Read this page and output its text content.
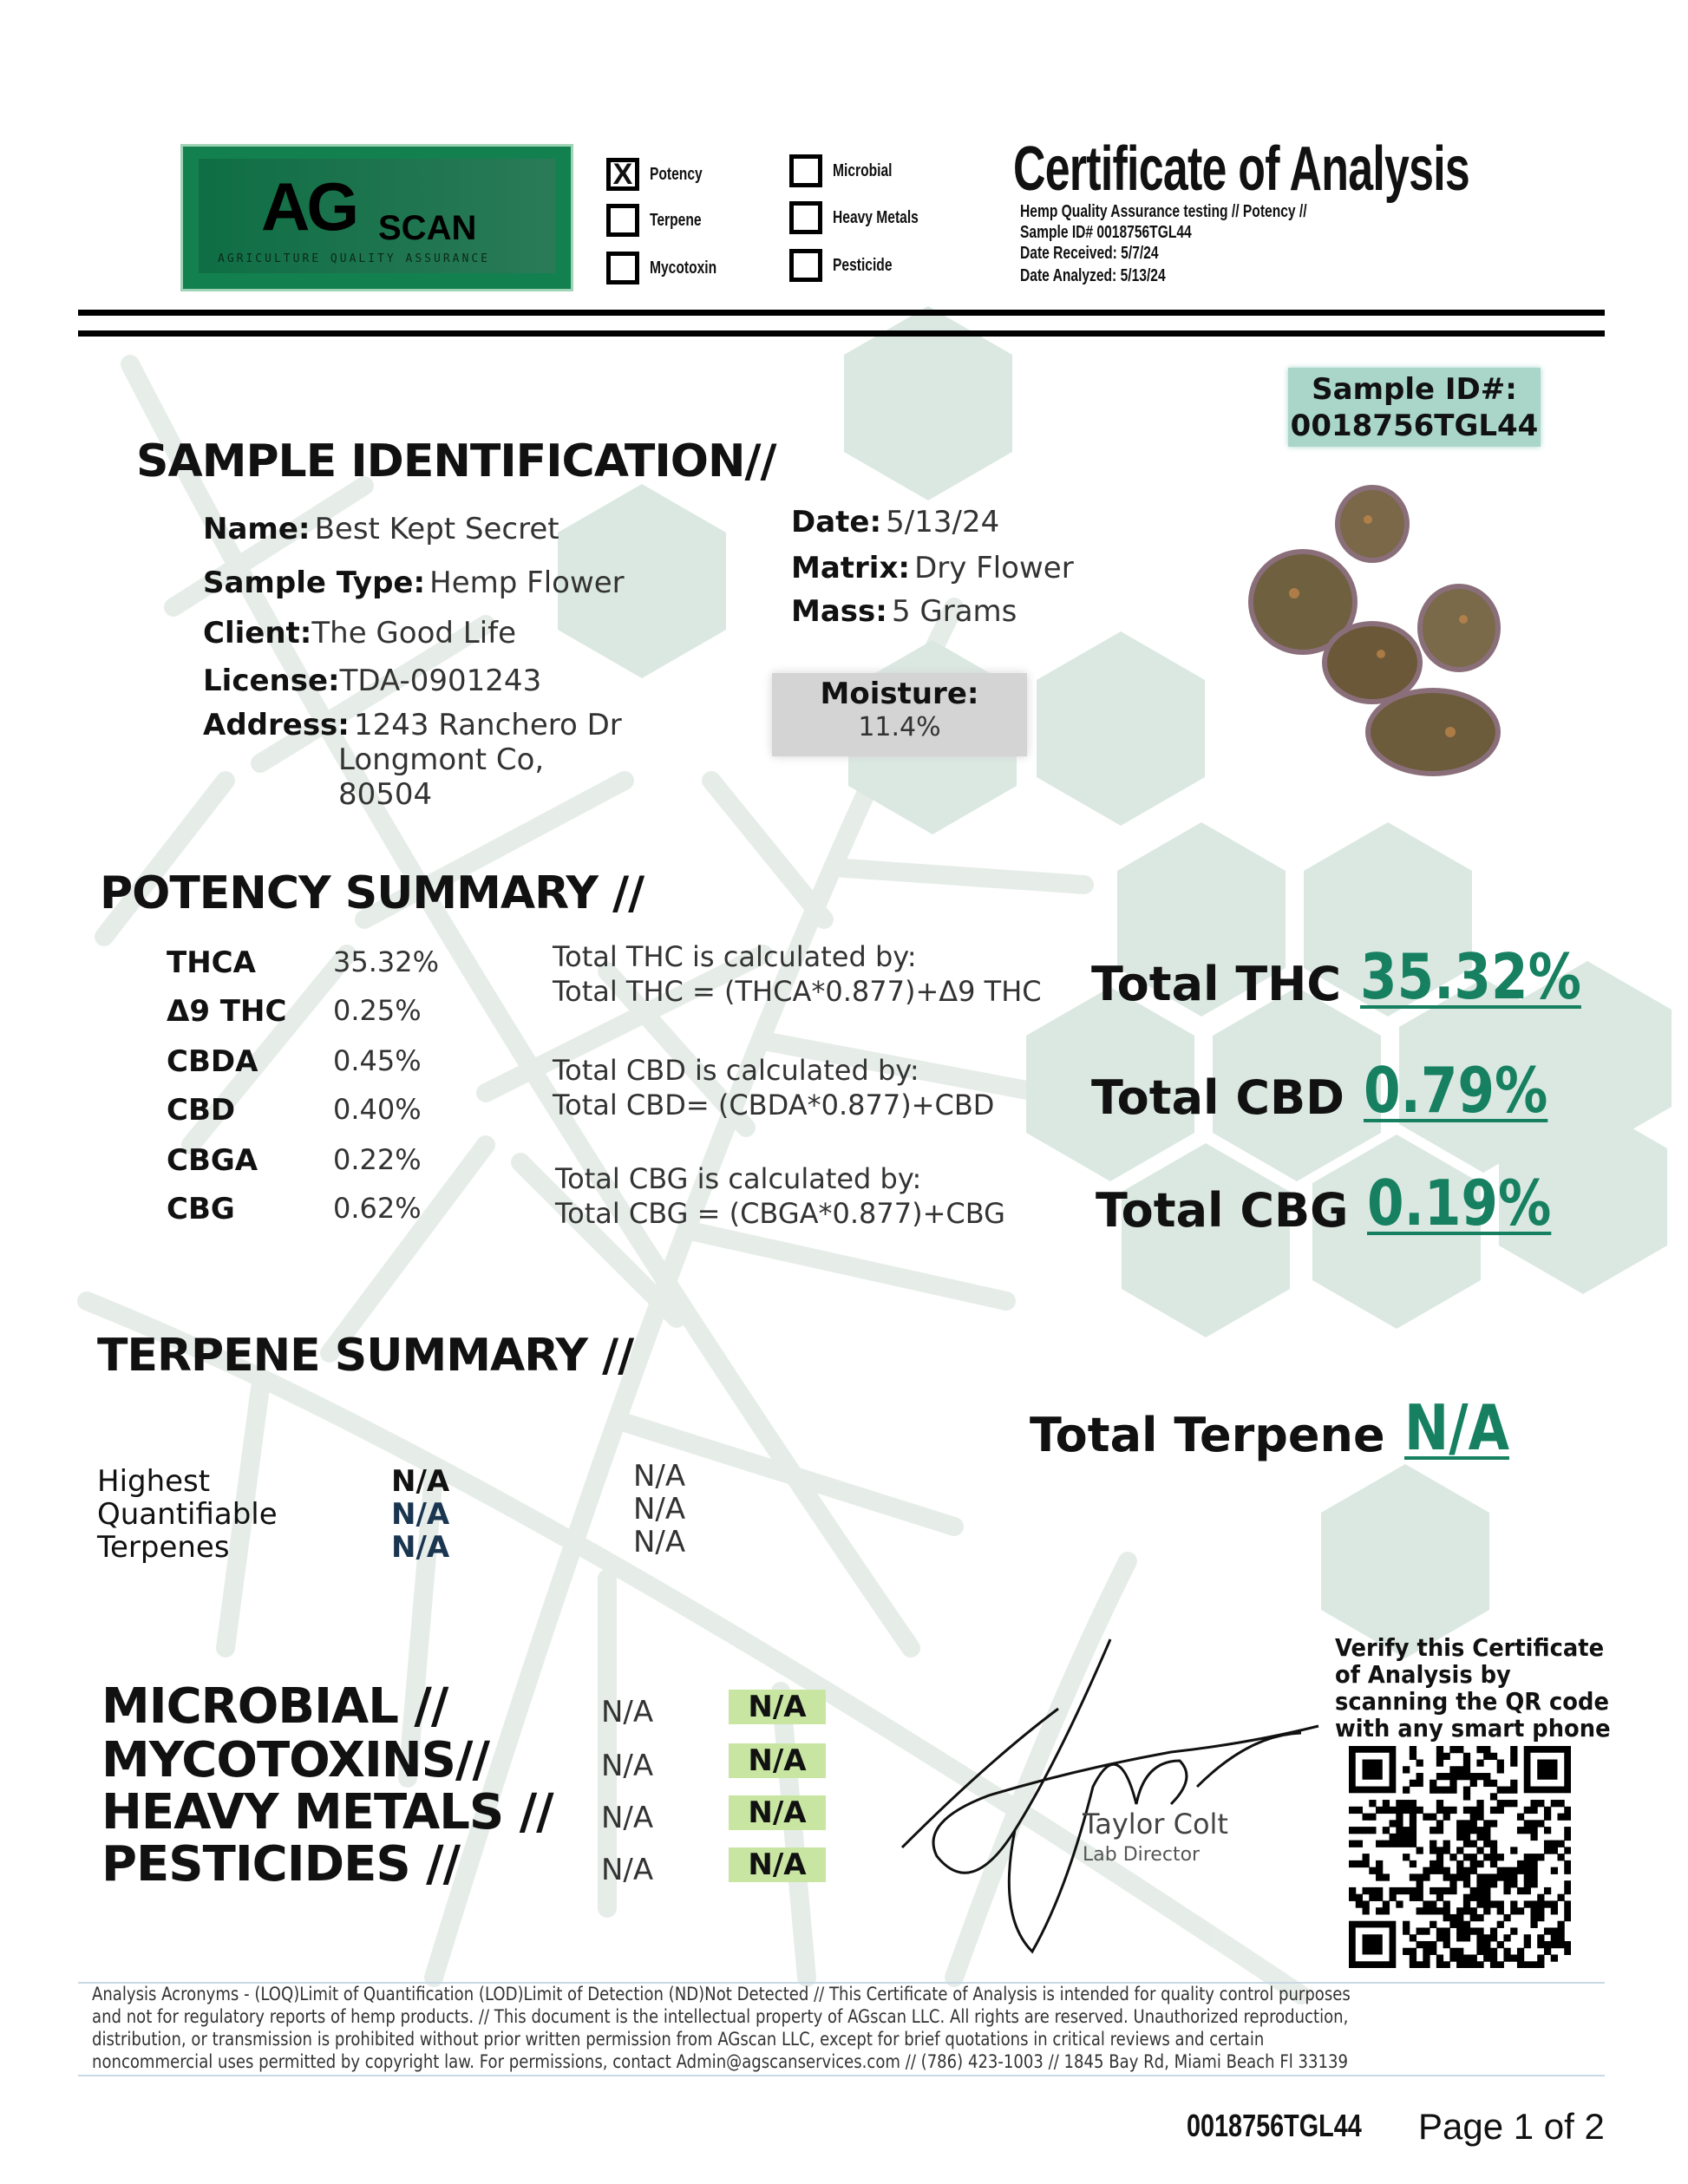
AG SCAN
AGRICULTURE QUALITY ASSURANCE
Certificate of Analysis
Hemp Quality Assurance testing // Potency //
Sample ID# 0018756TGL44
Date Received: 5/7/24
Date Analyzed: 5/13/24
Sample ID#:
0018756TGL44
SAMPLE IDENTIFICATION//
Name: Best Kept Secret
Sample Type: Hemp Flower
Client:The Good Life
License:TDA-0901243
Address: 1243 Ranchero Dr
Longmont Co,
80504
Date: 5/13/24
Matrix: Dry Flower
Mass: 5 Grams
Moisture:
11.4%
POTENCY SUMMARY //
TERPENE SUMMARY //
Total Terpene N/A
Highest
Quantifiable
Terpenes
Taylor Colt
Lab Director
Verify this Certificate
of Analysis by
scanning the QR code
with any smart phone
Analysis Acronyms - (LOQ)Limit of Quantification (LOD)Limit of Detection (ND)Not Detected // This Certificate of Analysis is intended for quality control purposes
and not for regulatory reports of hemp products. // This document is the intellectual property of AGscan LLC. All rights are reserved. Unauthorized reproduction,
distribution, or transmission is prohibited without prior written permission from AGscan LLC, except for brief quotations in critical reviews and certain
noncommercial uses permitted by copyright law. For permissions, contact Admin@agscanservices.com // (786) 423-1003 // 1845 Bay Rd, Miami Beach Fl 33139
0018756TGL44 Page 1 of 2
X Potency
Terpene
Mycotoxin
Microbial
Heavy Metals
Pesticide
THCA	35.32%
Δ9 THC 0.25%
CBDA	0.45%
CBD	0.40%
CBGA	0.22%
CBG	0.62%
Total THC is calculated by:
Total THC = (THCA*0.877)+Δ9 THC
Total CBD is calculated by:
Total CBD= (CBDA*0.877)+CBD
Total CBG is calculated by:
Total CBG = (CBGA*0.877)+CBG
Total THC 35.32%
Total CBD 0.79%
Total CBG 0.19%
N/A	N/A
N/A	N/A
N/A	N/A
MICROBIAL //	N/A	N/A
MYCOTOXINS//	N/A	N/A
HEAVY METALS // N/A	N/A
PESTICIDES //	N/A	N/A
